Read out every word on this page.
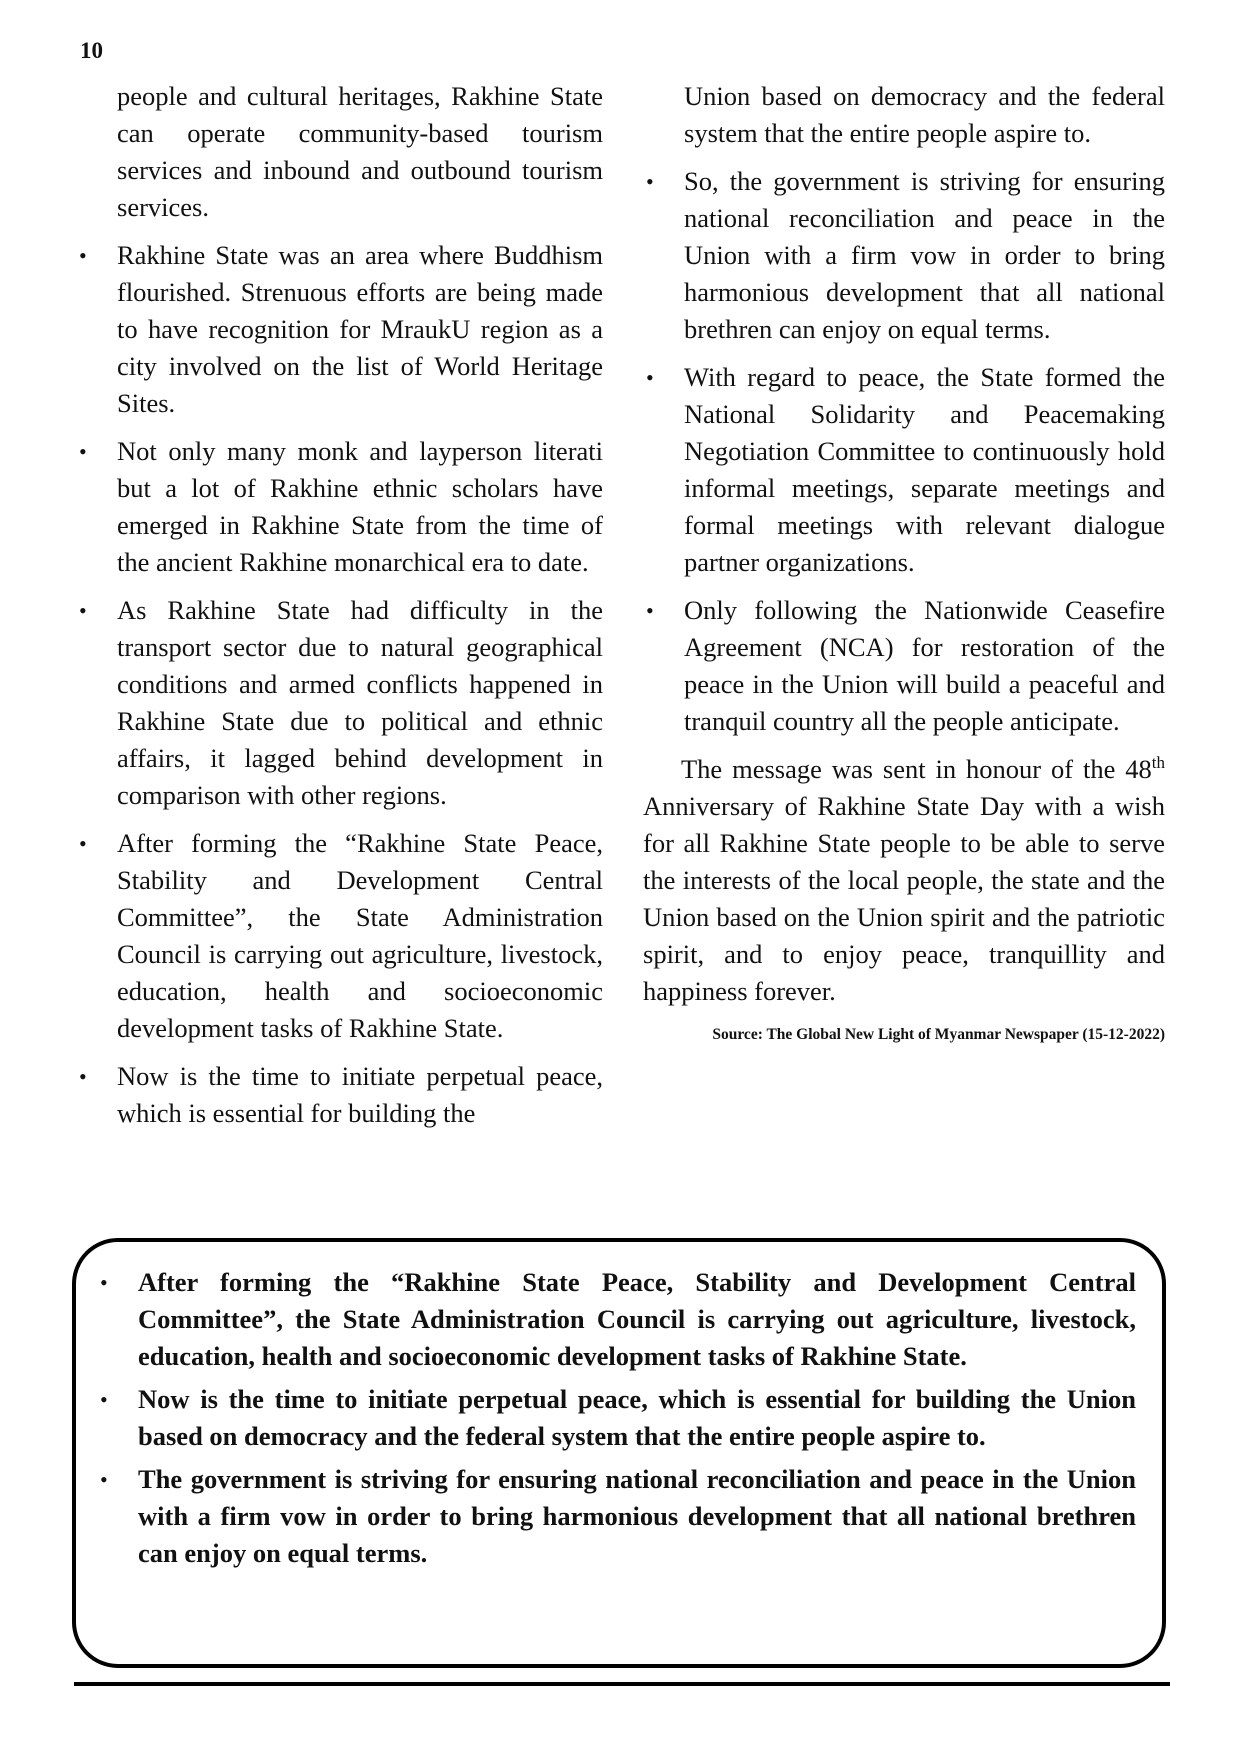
10
people and cultural heritages, Rakhine State can operate community-based tourism services and inbound and outbound tourism services.
• Rakhine State was an area where Buddhism flourished. Strenuous efforts are being made to have recognition for MraukU region as a city involved on the list of World Heritage Sites.
• Not only many monk and layperson literati but a lot of Rakhine ethnic scholars have emerged in Rakhine State from the time of the ancient Rakhine monarchical era to date.
• As Rakhine State had difficulty in the transport sector due to natural geographical conditions and armed conflicts happened in Rakhine State due to political and ethnic affairs, it lagged behind development in comparison with other regions.
• After forming the “Rakhine State Peace, Stability and Development Central Committee”, the State Administration Council is carrying out agriculture, livestock, education, health and socioeconomic development tasks of Rakhine State.
• Now is the time to initiate perpetual peace, which is essential for building the
Union based on democracy and the federal system that the entire people aspire to.
• So, the government is striving for ensuring national reconciliation and peace in the Union with a firm vow in order to bring harmonious development that all national brethren can enjoy on equal terms.
• With regard to peace, the State formed the National Solidarity and Peacemaking Negotiation Committee to continuously hold informal meetings, separate meetings and formal meetings with relevant dialogue partner organizations.
• Only following the Nationwide Ceasefire Agreement (NCA) for restoration of the peace in the Union will build a peaceful and tranquil country all the people anticipate.
The message was sent in honour of the 48th Anniversary of Rakhine State Day with a wish for all Rakhine State people to be able to serve the interests of the local people, the state and the Union based on the Union spirit and the patriotic spirit, and to enjoy peace, tranquillity and happiness forever.
Source: The Global New Light of Myanmar Newspaper (15-12-2022)
• After forming the “Rakhine State Peace, Stability and Development Central Committee”, the State Administration Council is carrying out agriculture, livestock, education, health and socioeconomic development tasks of Rakhine State.
• Now is the time to initiate perpetual peace, which is essential for building the Union based on democracy and the federal system that the entire people aspire to.
• The government is striving for ensuring national reconciliation and peace in the Union with a firm vow in order to bring harmonious development that all national brethren can enjoy on equal terms.
